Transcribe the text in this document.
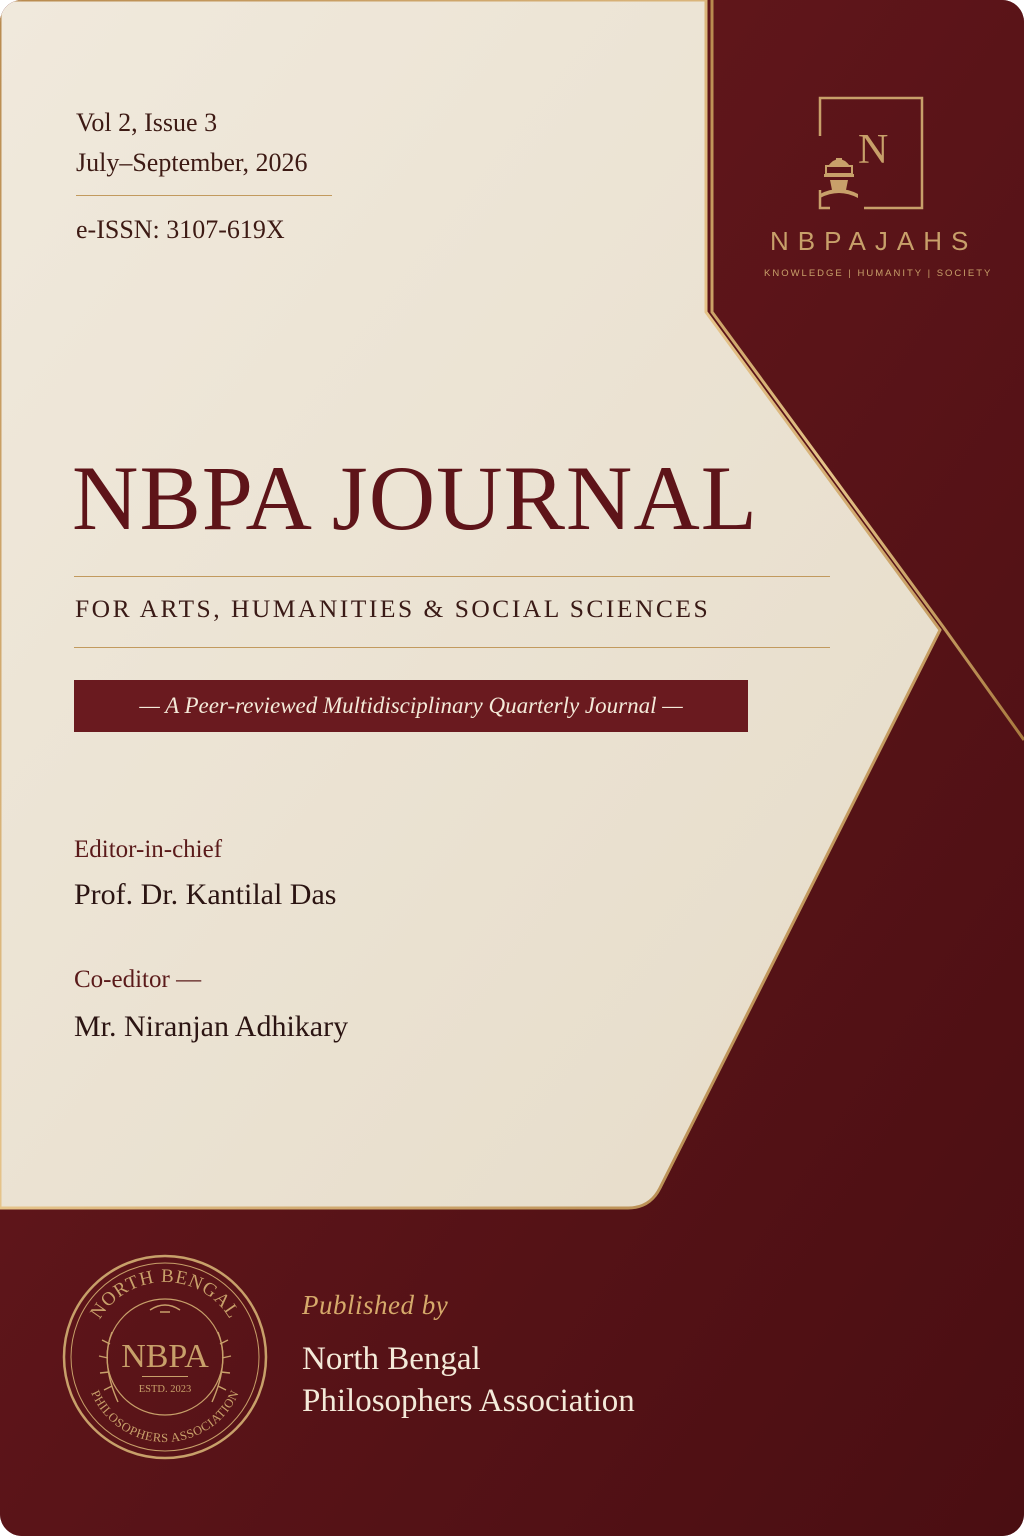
Vol 2, Issue 3
July–September, 2026
e-ISSN: 3107-619X
N
NBPAJAHS
KNOWLEDGE | HUMANITY | SOCIETY
NBPA JOURNAL
FOR ARTS, HUMANITIES & SOCIAL SCIENCES
— A Peer-reviewed Multidisciplinary Quarterly Journal —
Editor-in-chief
Prof. Dr. Kantilal Das
Co-editor —
Mr. Niranjan Adhikary
NORTH BENGAL
PHILOSOPHERS ASSOCIATION
NBPA
ESTD. 2023
Published by
North Bengal
Philosophers Association
